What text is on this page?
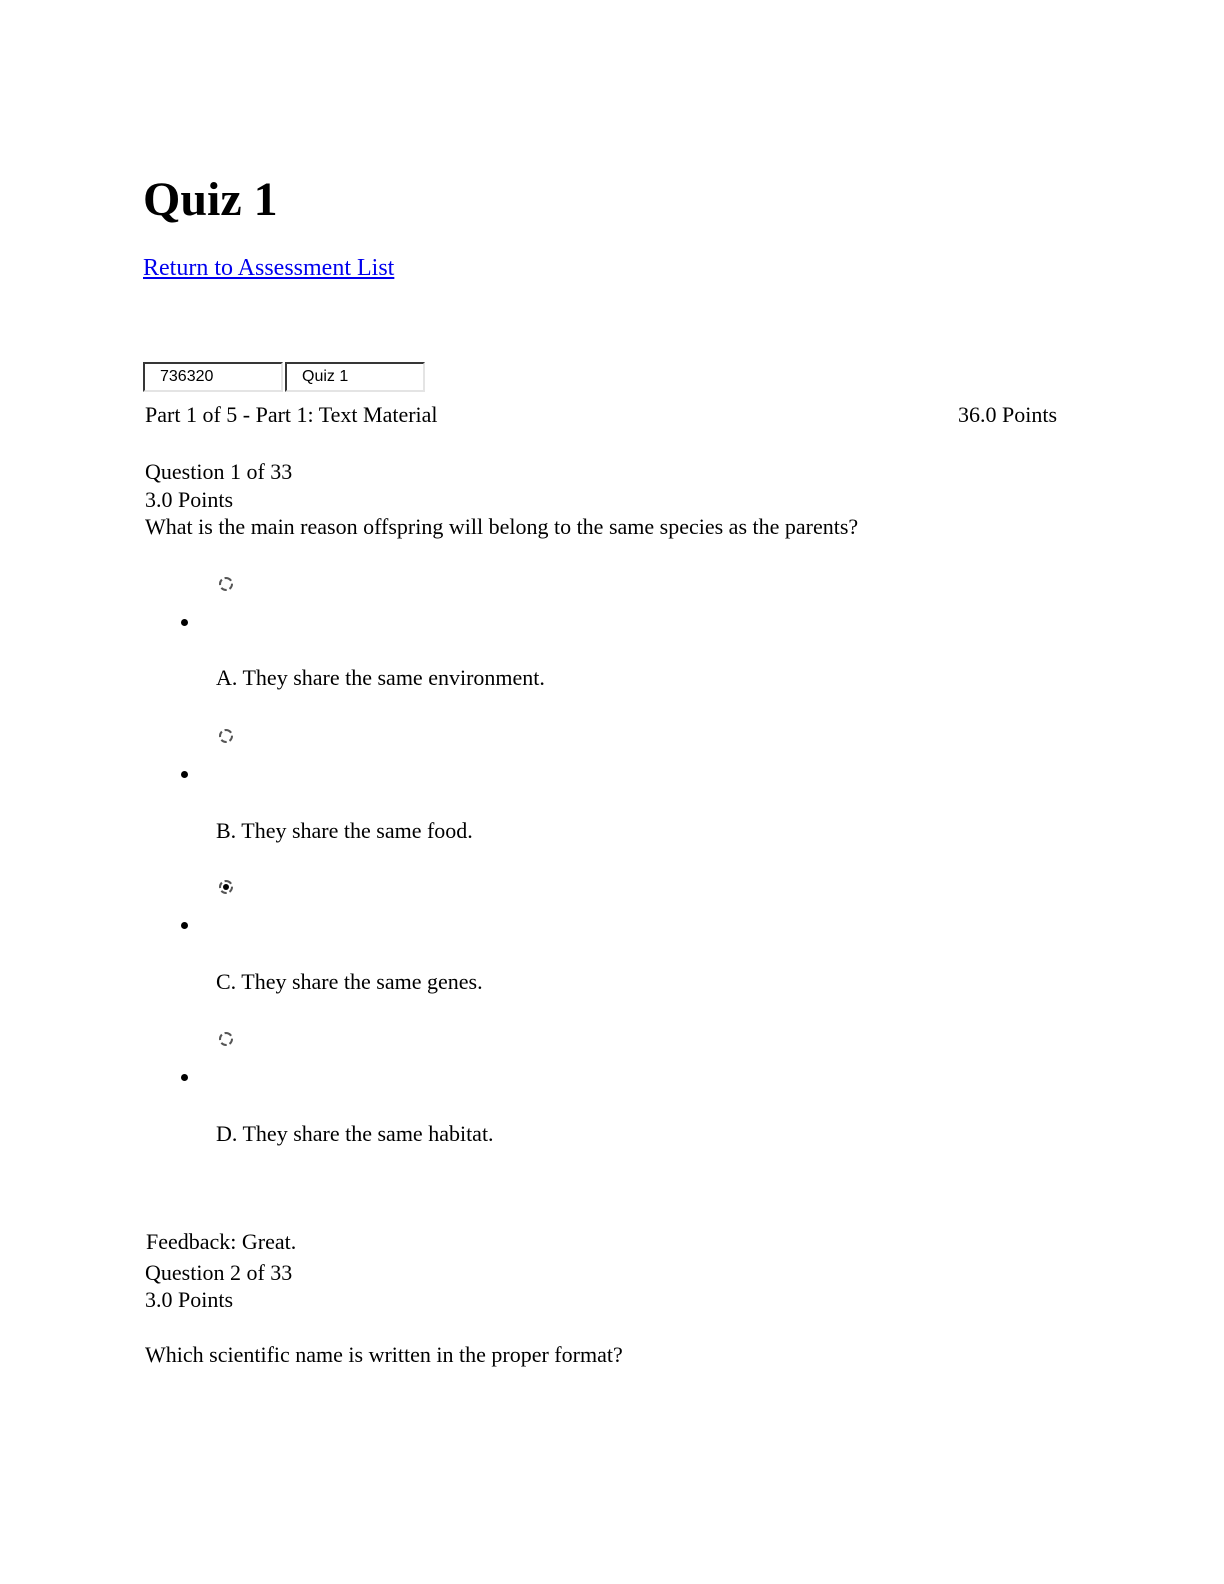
Quiz 1
Return to Assessment List
736320
Quiz 1
Part 1 of 5 - Part 1: Text Material	36.0 Points
Question 1 of 33
3.0 Points
What is the main reason offspring will belong to the same species as the parents?
A. They share the same environment.
B. They share the same food.
C. They share the same genes.
D. They share the same habitat.
Feedback: Great.
Question 2 of 33
3.0 Points
Which scientific name is written in the proper format?
